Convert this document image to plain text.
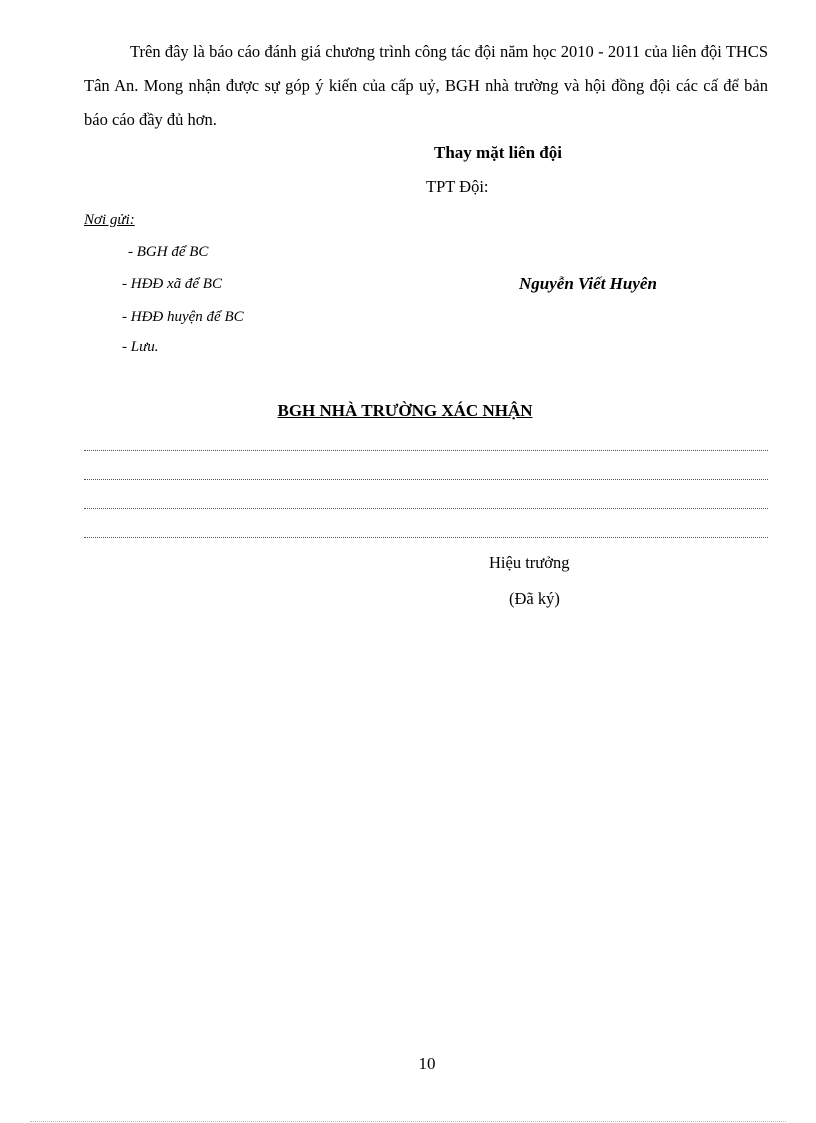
Trên đây là báo cáo đánh giá chương trình công tác đội năm học 2010 - 2011 của liên đội THCS Tân An. Mong nhận được sự góp ý kiến của cấp uỷ, BGH nhà trường và hội đồng đội các cấ để bản báo cáo đầy đủ hơn.
Thay mặt liên đội
TPT Đội:
Nơi gửi:
- BGH để BC
- HĐĐ xã để BC
- HĐĐ huyện để BC
- Lưu.
Nguyễn Viết Huyên
BGH NHÀ TRƯỜNG XÁC NHẬN
Hiệu trưởng
(Đã ký)
10
